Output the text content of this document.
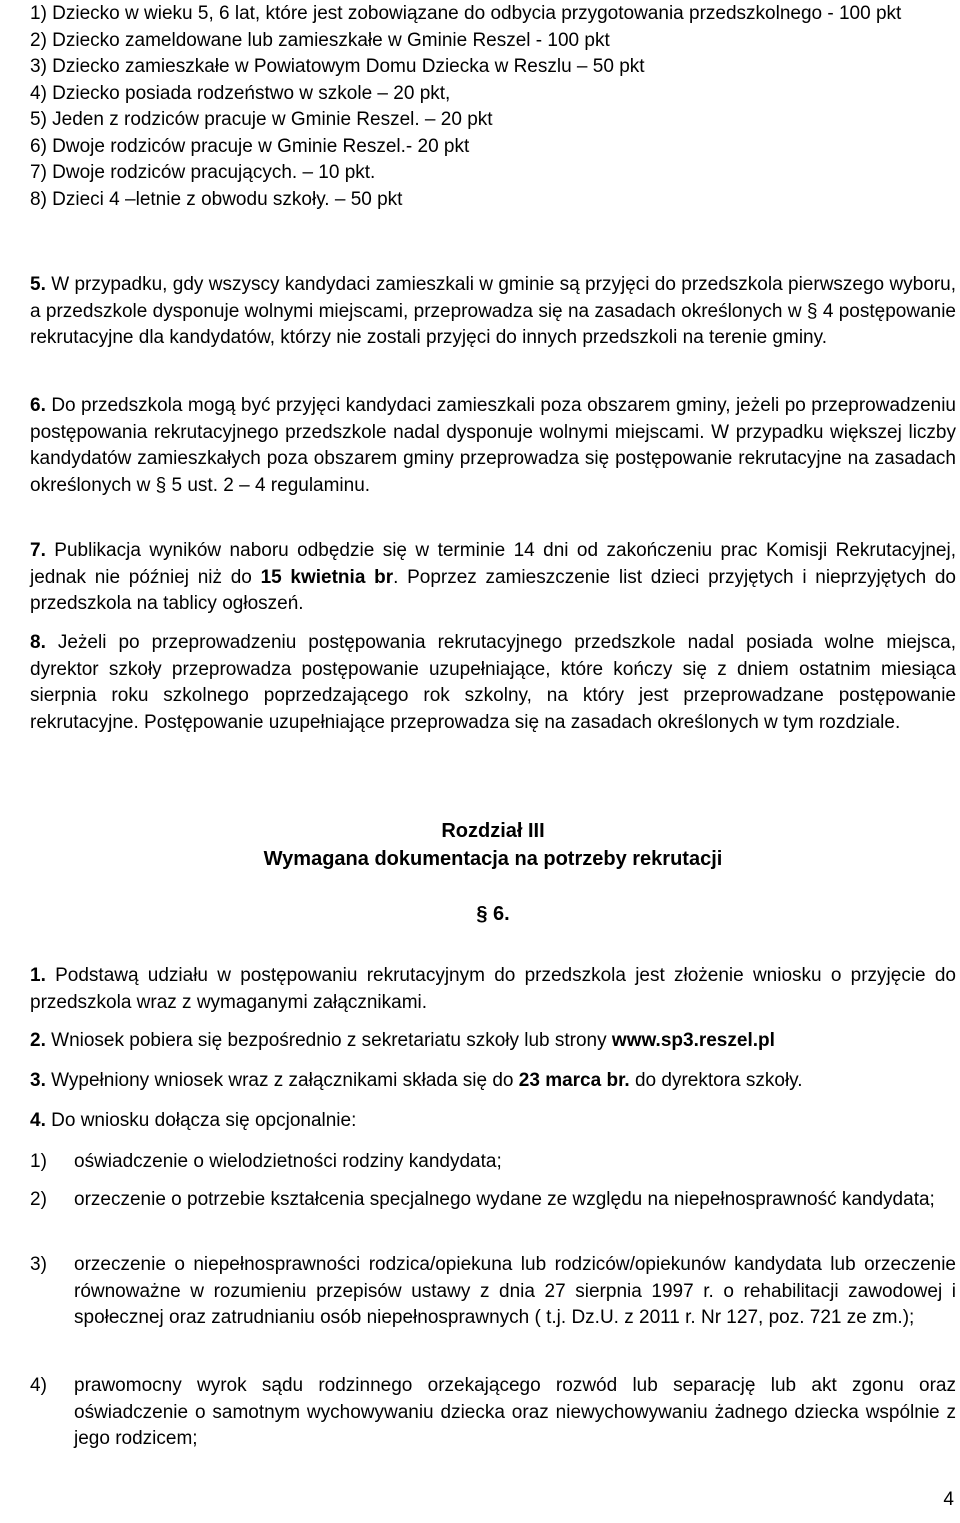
1) Dziecko w wieku 5, 6 lat, które jest zobowiązane do odbycia przygotowania przedszkolnego - 100 pkt

2) Dziecko zameldowane lub zamieszkałe w Gminie Reszel - 100 pkt

3) Dziecko zamieszkałe w Powiatowym Domu Dziecka w Reszlu – 50 pkt

4) Dziecko posiada rodzeństwo w szkole – 20 pkt,

5) Jeden z rodziców pracuje w Gminie Reszel. – 20 pkt

6) Dwoje rodziców pracuje w Gminie Reszel.- 20 pkt

7) Dwoje rodziców pracujących. – 10 pkt.

8) Dzieci 4 –letnie z obwodu szkoły. – 50 pkt

5. W przypadku, gdy wszyscy kandydaci zamieszkali w gminie są przyjęci do przedszkola pierwszego wyboru, a przedszkole dysponuje wolnymi miejscami, przeprowadza się na zasadach określonych w § 4 postępowanie rekrutacyjne dla kandydatów, którzy nie zostali przyjęci do innych przedszkoli na terenie gminy.

6. Do przedszkola mogą być przyjęci kandydaci zamieszkali poza obszarem gminy, jeżeli po przeprowadzeniu postępowania rekrutacyjnego przedszkole nadal dysponuje wolnymi miejscami. W przypadku większej liczby kandydatów zamieszkałych poza obszarem gminy przeprowadza się postępowanie rekrutacyjne na zasadach określonych w § 5 ust. 2 – 4 regulaminu.

7. Publikacja wyników naboru odbędzie się w terminie 14 dni od zakończeniu prac Komisji Rekrutacyjnej, jednak nie później niż do 15 kwietnia br. Poprzez zamieszczenie list dzieci przyjętych i nieprzyjętych do przedszkola na tablicy ogłoszeń.

8. Jeżeli po przeprowadzeniu postępowania rekrutacyjnego przedszkole nadal posiada wolne miejsca, dyrektor szkoły przeprowadza postępowanie uzupełniające, które kończy się z dniem ostatnim miesiąca sierpnia roku szkolnego poprzedzającego rok szkolny, na który jest przeprowadzane postępowanie rekrutacyjne. Postępowanie uzupełniające przeprowadza się na zasadach określonych w tym rozdziale.

Rozdział III
Wymagana dokumentacja na potrzeby rekrutacji
§ 6.

1. Podstawą udziału w postępowaniu rekrutacyjnym do przedszkola jest złożenie wniosku o przyjęcie do przedszkola wraz z wymaganymi załącznikami.

2. Wniosek pobiera się bezpośrednio z sekretariatu szkoły lub strony www.sp3.reszel.pl

3. Wypełniony wniosek wraz z załącznikami składa się do 23 marca br. do dyrektora szkoły.

4. Do wniosku dołącza się opcjonalnie:

1) oświadczenie o wielodzietności rodziny kandydata;
2) orzeczenie o potrzebie kształcenia specjalnego wydane ze względu na niepełnosprawność kandydata;
3) orzeczenie o niepełnosprawności rodzica/opiekuna lub rodziców/opiekunów kandydata lub orzeczenie równoważne w rozumieniu przepisów ustawy z dnia 27 sierpnia 1997 r. o rehabilitacji zawodowej i społecznej oraz zatrudnianiu osób niepełnosprawnych ( t.j. Dz.U. z 2011 r. Nr 127, poz. 721 ze zm.);
4) prawomocny wyrok sądu rodzinnego orzekającego rozwód lub separację lub akt zgonu oraz oświadczenie o samotnym wychowywaniu dziecka oraz niewychowywaniu żadnego dziecka wspólnie z jego rodzicem;
4
